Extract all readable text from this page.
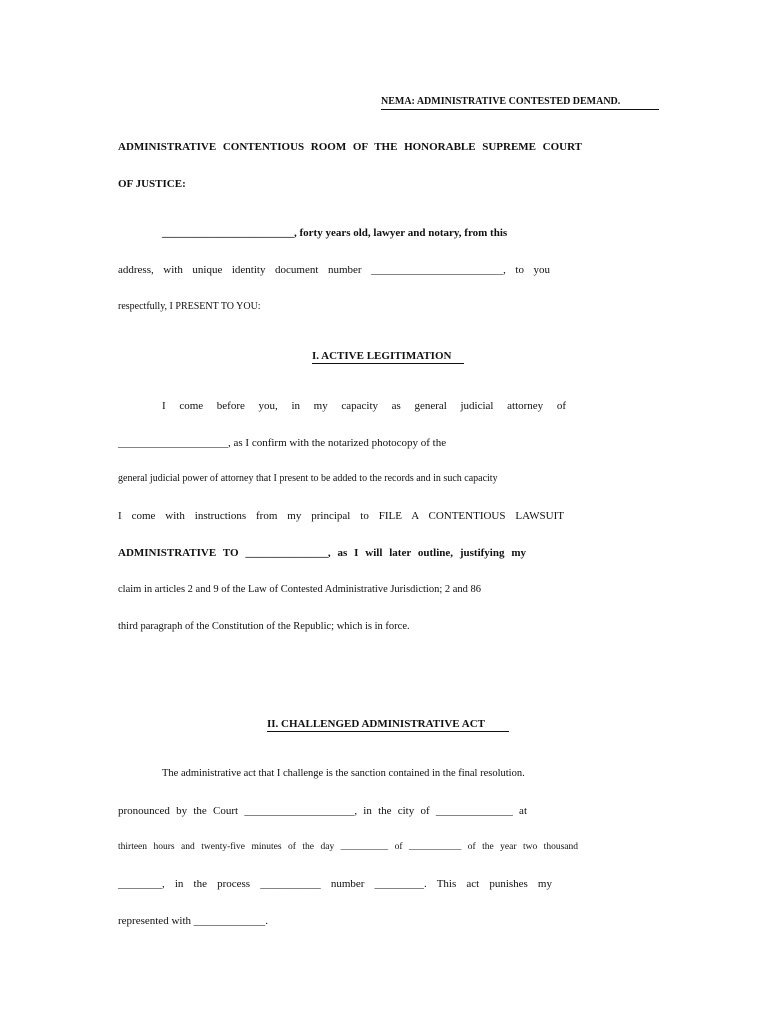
NEMA: ADMINISTRATIVE CONTESTED DEMAND.
ADMINISTRATIVE CONTENTIOUS ROOM OF THE HONORABLE SUPREME COURT
OF JUSTICE:
________________________, forty years old, lawyer and notary, from this
address, with unique identity document number ________________________, to you
respectfully, I PRESENT TO YOU:
I. ACTIVE LEGITIMATION
I come before you, in my capacity as general judicial attorney of
____________________, as I confirm with the notarized photocopy of the
general judicial power of attorney that I present to be added to the records and in such capacity
I come with instructions from my principal to FILE A CONTENTIOUS LAWSUIT
ADMINISTRATIVE TO _______________, as I will later outline, justifying my
claim in articles 2 and 9 of the Law of Contested Administrative Jurisdiction; 2 and 86
third paragraph of the Constitution of the Republic; which is in force.
II. CHALLENGED ADMINISTRATIVE ACT
The administrative act that I challenge is the sanction contained in the final resolution.
pronounced by the Court ____________________, in the city of ______________ at
thirteen hours and twenty-five minutes of the day __________ of ___________ of the year two thousand
________, in the process ___________ number _________. This act punishes my
represented with _____________.
